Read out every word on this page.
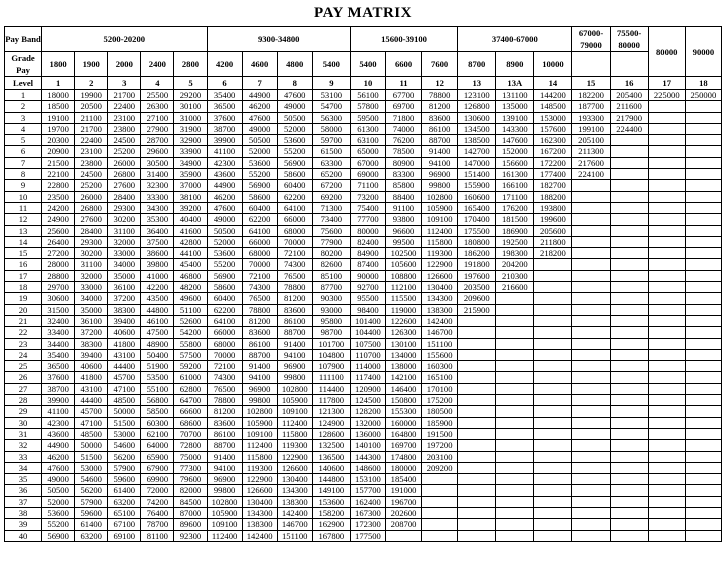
PAY MATRIX
Pay Band	5200-20200					9300-34800				15600-39100			37400-67000			67000-79000	75500-80000	80000	90000
Grade Pay	1800	1900	2000	2400	2800	4200	4600	4800	5400	5400	6600	7600	8700	8900	10000				
Level	1	2	3	4	5	6	7	8	9	10	11	12	13	13A	14	15	16	17	18
1	18000	19900	21700	25500	29200	35400	44900	47600	53100	56100	67700	78800	123100	131100	144200	182200	205400	225000	250000
2	18500	20500	22400	26300	30100	36500	46200	49000	54700	57800	69700	81200	126800	135000	148500	187700	211600		
3	19100	21100	23100	27100	31000	37600	47600	50500	56300	59500	71800	83600	130600	139100	153000	193300	217900		
4	19700	21700	23800	27900	31900	38700	49000	52000	58000	61300	74000	86100	134500	143300	157600	199100	224400		
5	20300	22400	24500	28700	32900	39900	50500	53600	59700	63100	76200	88700	138500	147600	162300	205100			
6	20900	23100	25200	29600	33900	41100	52000	55200	61500	65000	78500	91400	142700	152000	167200	211300			
7	21500	23800	26000	30500	34900	42300	53600	56900	63300	67000	80900	94100	147000	156600	172200	217600			
8	22100	24500	26800	31400	35900	43600	55200	58600	65200	69000	83300	96900	151400	161300	177400	224100			
9	22800	25200	27600	32300	37000	44900	56900	60400	67200	71100	85800	99800	155900	166100	182700				
10	23500	26000	28400	33300	38100	46200	58600	62200	69200	73200	88400	102800	160600	171100	188200				
11	24200	26800	29300	34300	39200	47600	60400	64100	71300	75400	91100	105900	165400	176200	193800				
12	24900	27600	30200	35300	40400	49000	62200	66000	73400	77700	93800	109100	170400	181500	199600				
13	25600	28400	31100	36400	41600	50500	64100	68000	75600	80000	96600	112400	175500	186900	205600				
14	26400	29300	32000	37500	42800	52000	66000	70000	77900	82400	99500	115800	180800	192500	211800				
15	27200	30200	33000	38600	44100	53600	68000	72100	80200	84900	102500	119300	186200	198300	218200				
16	28000	31100	34000	39800	45400	55200	70000	74300	82600	87400	105600	122900	191800	204200					
17	28800	32000	35000	41000	46800	56900	72100	76500	85100	90000	108800	126600	197600	210300					
18	29700	33000	36100	42200	48200	58600	74300	78800	87700	92700	112100	130400	203500	216600					
19	30600	34000	37200	43500	49600	60400	76500	81200	90300	95500	115500	134300	209600						
20	31500	35000	38300	44800	51100	62200	78800	83600	93000	98400	119000	138300	215900						
21	32400	36100	39400	46100	52600	64100	81200	86100	95800	101400	122600	142400							
22	33400	37200	40600	47500	54200	66000	83600	88700	98700	104400	126300	146700							
23	34400	38300	41800	48900	55800	68000	86100	91400	101700	107500	130100	151100							
24	35400	39400	43100	50400	57500	70000	88700	94100	104800	110700	134000	155600							
25	36500	40600	44400	51900	59200	72100	91400	96900	107900	114000	138000	160300							
26	37600	41800	45700	53500	61000	74300	94100	99800	111100	117400	142100	165100							
27	38700	43100	47100	55100	62800	76500	96900	102800	114400	120900	146400	170100							
28	39900	44400	48500	56800	64700	78800	99800	105900	117800	124500	150800	175200							
29	41100	45700	50000	58500	66600	81200	102800	109100	121300	128200	155300	180500							
30	42300	47100	51500	60300	68600	83600	105900	112400	124900	132000	160000	185900							
31	43600	48500	53000	62100	70700	86100	109100	115800	128600	136000	164800	191500							
32	44900	50000	54600	64000	72800	88700	112400	119300	132500	140100	169700	197200							
33	46200	51500	56200	65900	75000	91400	115800	122900	136500	144300	174800	203100							
34	47600	53000	57900	67900	77300	94100	119300	126600	140600	148600	180000	209200							
35	49000	54600	59600	69900	79600	96900	122900	130400	144800	153100	185400								
36	50500	56200	61400	72000	82000	99800	126600	134300	149100	157700	191000								
37	52000	57900	63200	74200	84500	102800	130400	138300	153600	162400	196700								
38	53600	59600	65100	76400	87000	105900	134300	142400	158200	167300	202600								
39	55200	61400	67100	78700	89600	109100	138300	146700	162900	172300	208700								
40	56900	63200	69100	81100	92300	112400	142400	151100	167800	177500									
